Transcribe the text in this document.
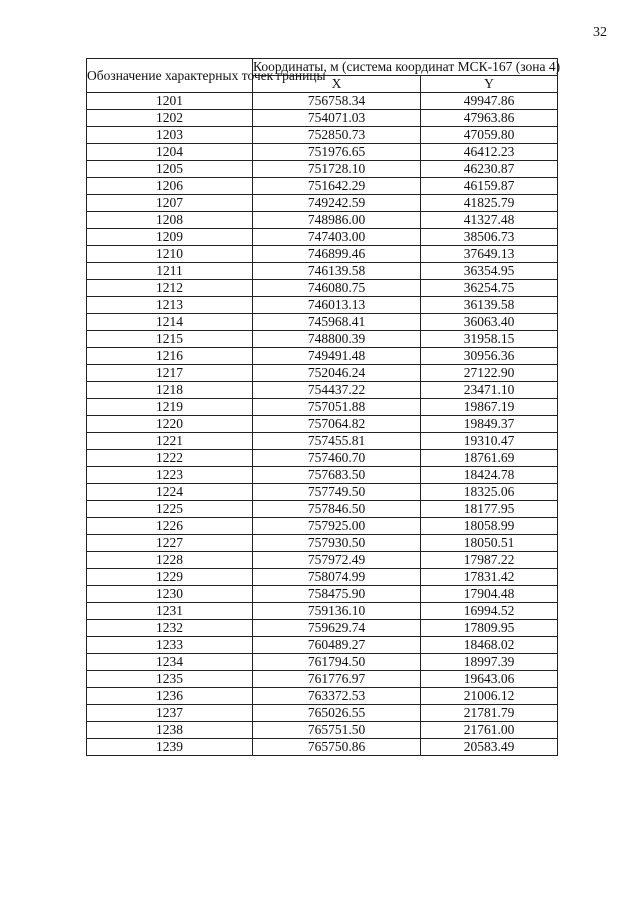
32
Обозначение характерных точек границы	Координаты, м (система координат МСК-167 (зона 4)	
	X	Y
1201	756758.34	49947.86
1202	754071.03	47963.86
1203	752850.73	47059.80
1204	751976.65	46412.23
1205	751728.10	46230.87
1206	751642.29	46159.87
1207	749242.59	41825.79
1208	748986.00	41327.48
1209	747403.00	38506.73
1210	746899.46	37649.13
1211	746139.58	36354.95
1212	746080.75	36254.75
1213	746013.13	36139.58
1214	745968.41	36063.40
1215	748800.39	31958.15
1216	749491.48	30956.36
1217	752046.24	27122.90
1218	754437.22	23471.10
1219	757051.88	19867.19
1220	757064.82	19849.37
1221	757455.81	19310.47
1222	757460.70	18761.69
1223	757683.50	18424.78
1224	757749.50	18325.06
1225	757846.50	18177.95
1226	757925.00	18058.99
1227	757930.50	18050.51
1228	757972.49	17987.22
1229	758074.99	17831.42
1230	758475.90	17904.48
1231	759136.10	16994.52
1232	759629.74	17809.95
1233	760489.27	18468.02
1234	761794.50	18997.39
1235	761776.97	19643.06
1236	763372.53	21006.12
1237	765026.55	21781.79
1238	765751.50	21761.00
1239	765750.86	20583.49
